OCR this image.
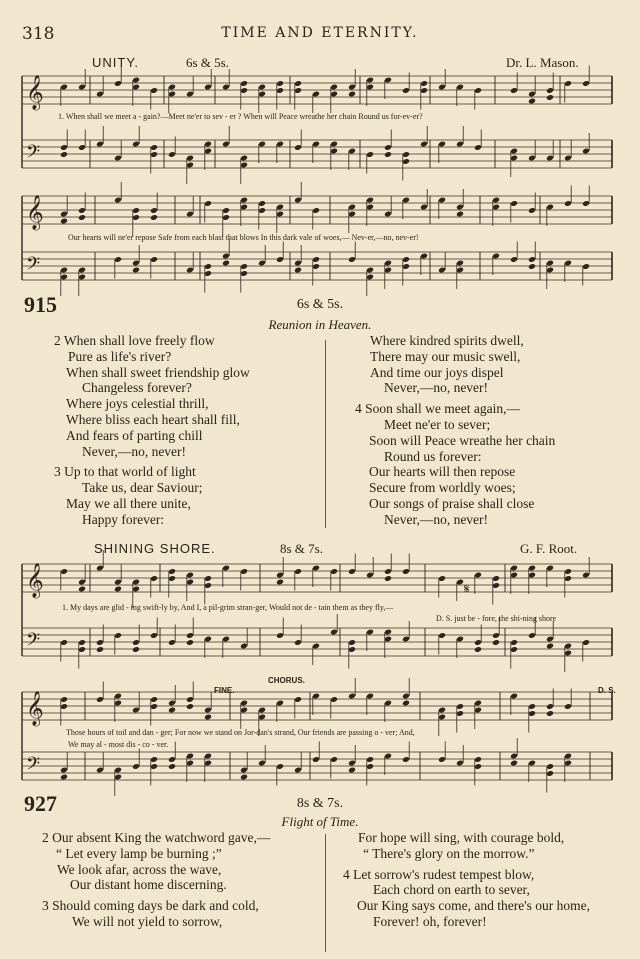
318	TIME AND ETERNITY.
UNITY.	6s & 5s.	Dr. L. Mason.
𝄞
𝄢
𝄞
𝄢
𝄞
𝄢
𝄞
𝄢
1. When shall we meet a - gain?—Meet ne'er to sev - er ? When will Peace wreathe her chain Round us for-ev-er?
Our hearts will ne'er repose Safe from each blast that blows In this dark vale of woes,— Nev-er,—no, nev-er!
915	6s & 5s.
Reunion in Heaven.
2 When shall love freely flow
Pure as life's river?
When shall sweet friendship glow
Changeless forever?
Where joys celestial thrill,
Where bliss each heart shall fill,
And fears of parting chill
Never,—no, never!
3 Up to that world of light
Take us, dear Saviour;
May we all there unite,
Happy forever:
Where kindred spirits dwell,
There may our music swell,
And time our joys dispel
Never,—no, never!
4 Soon shall we meet again,—
Meet ne'er to sever;
Soon will Peace wreathe her chain
Round us forever:
Our hearts will then repose
Secure from worldly woes;
Our songs of praise shall close
Never,—no, never!
SHINING SHORE.	8s & 7s.	G. F. Root.
1. My days are glid - ing swift-ly by, And I, a pil-grim stran-ger, Would not de - tain them as they fly,—
D. S. just be - fore, the shi-ning shore
FINE.
CHORUS.
D. S.
𝄋
Those hours of toil and dan - ger; For now we stand on Jor-dan's strand, Our friends are passing o - ver; And,
We may al - most dis - co - ver.
927	8s & 7s.
Flight of Time.
2 Our absent King the watchword gave,—
“ Let every lamp be burning ;”
We look afar, across the wave,
Our distant home discerning.
3 Should coming days be dark and cold,
We will not yield to sorrow,
For hope will sing, with courage bold,
“ There's glory on the morrow.”
4 Let sorrow's rudest tempest blow,
Each chord on earth to sever,
Our King says come, and there's our home,
Forever! oh, forever!
